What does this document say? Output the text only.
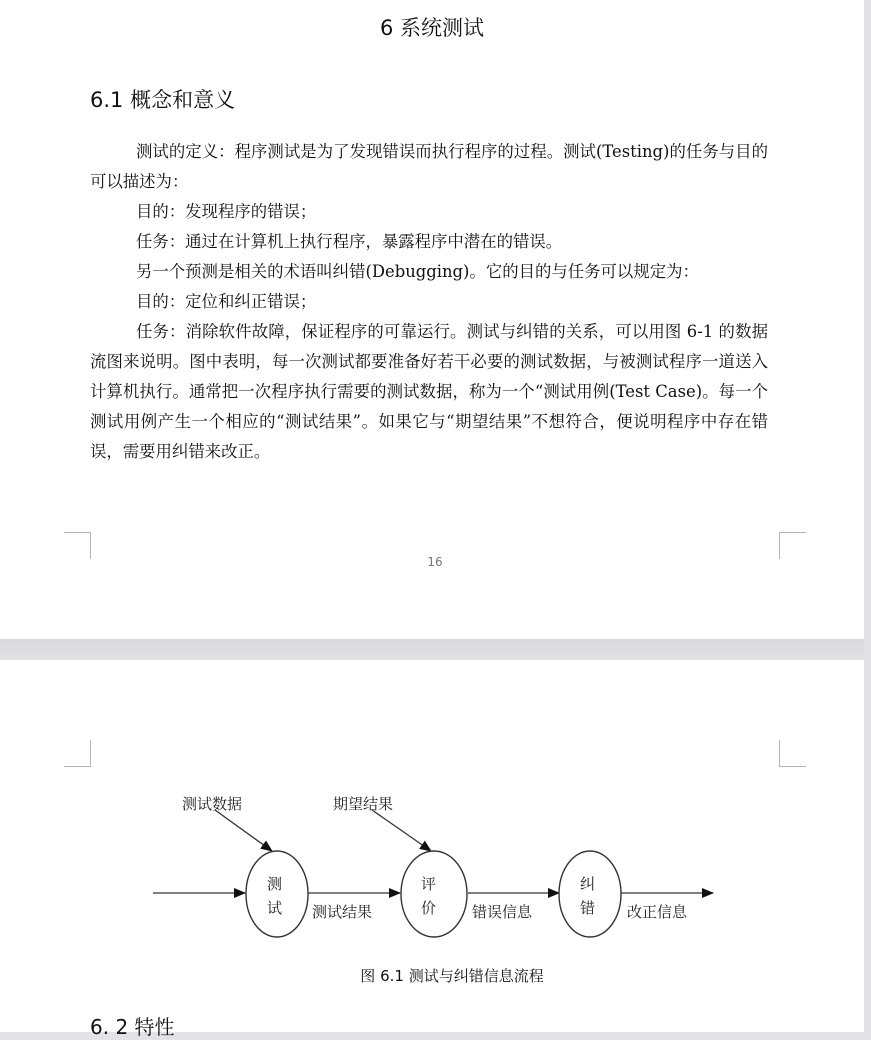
6 系统测试
6.1 概念和意义

测试的定义：程序测试是为了发现错误而执行程序的过程。测试(Testing)的任务与目的可以描述为：

目的：发现程序的错误；

任务：通过在计算机上执行程序，暴露程序中潜在的错误。

另一个预测是相关的术语叫纠错(Debugging)。它的目的与任务可以规定为：

目的：定位和纠正错误；

任务：消除软件故障，保证程序的可靠运行。测试与纠错的关系，可以用图 6-1 的数据流图来说明。图中表明，每一次测试都要准备好若干必要的测试数据，与被测试程序一道送入计算机执行。通常把一次程序执行需要的测试数据，称为一个“测试用例(Test Case)。每一个测试用例产生一个相应的“测试结果”。如果它与“期望结果”不想符合，便说明程序中存在错误，需要用纠错来改正。

16
测试数据	期望结果
测
试
评
价
纠
错
测试结果	错误信息	改正信息
图 6.1 测试与纠错信息流程
6. 2 特性
